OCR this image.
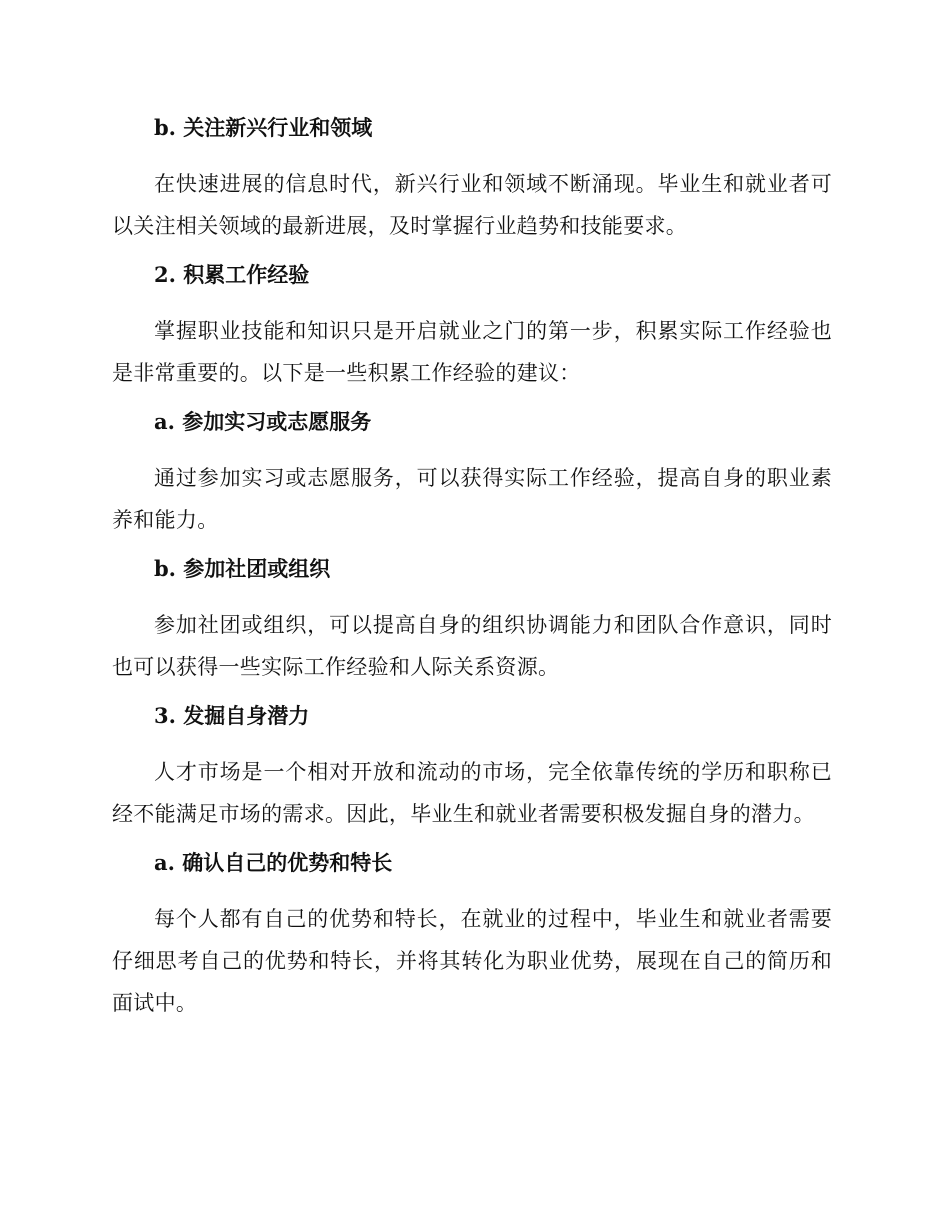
b. 关注新兴行业和领域

在快速进展的信息时代，新兴行业和领域不断涌现。毕业生和就业者可以关注相关领域的最新进展，及时掌握行业趋势和技能要求。

2. 积累工作经验

掌握职业技能和知识只是开启就业之门的第一步，积累实际工作经验也是非常重要的。以下是一些积累工作经验的建议：

a. 参加实习或志愿服务

通过参加实习或志愿服务，可以获得实际工作经验，提高自身的职业素养和能力。

b. 参加社团或组织

参加社团或组织，可以提高自身的组织协调能力和团队合作意识，同时也可以获得一些实际工作经验和人际关系资源。

3. 发掘自身潜力

人才市场是一个相对开放和流动的市场，完全依靠传统的学历和职称已经不能满足市场的需求。因此，毕业生和就业者需要积极发掘自身的潜力。

a. 确认自己的优势和特长

每个人都有自己的优势和特长，在就业的过程中，毕业生和就业者需要仔细思考自己的优势和特长，并将其转化为职业优势，展现在自己的简历和面试中。
